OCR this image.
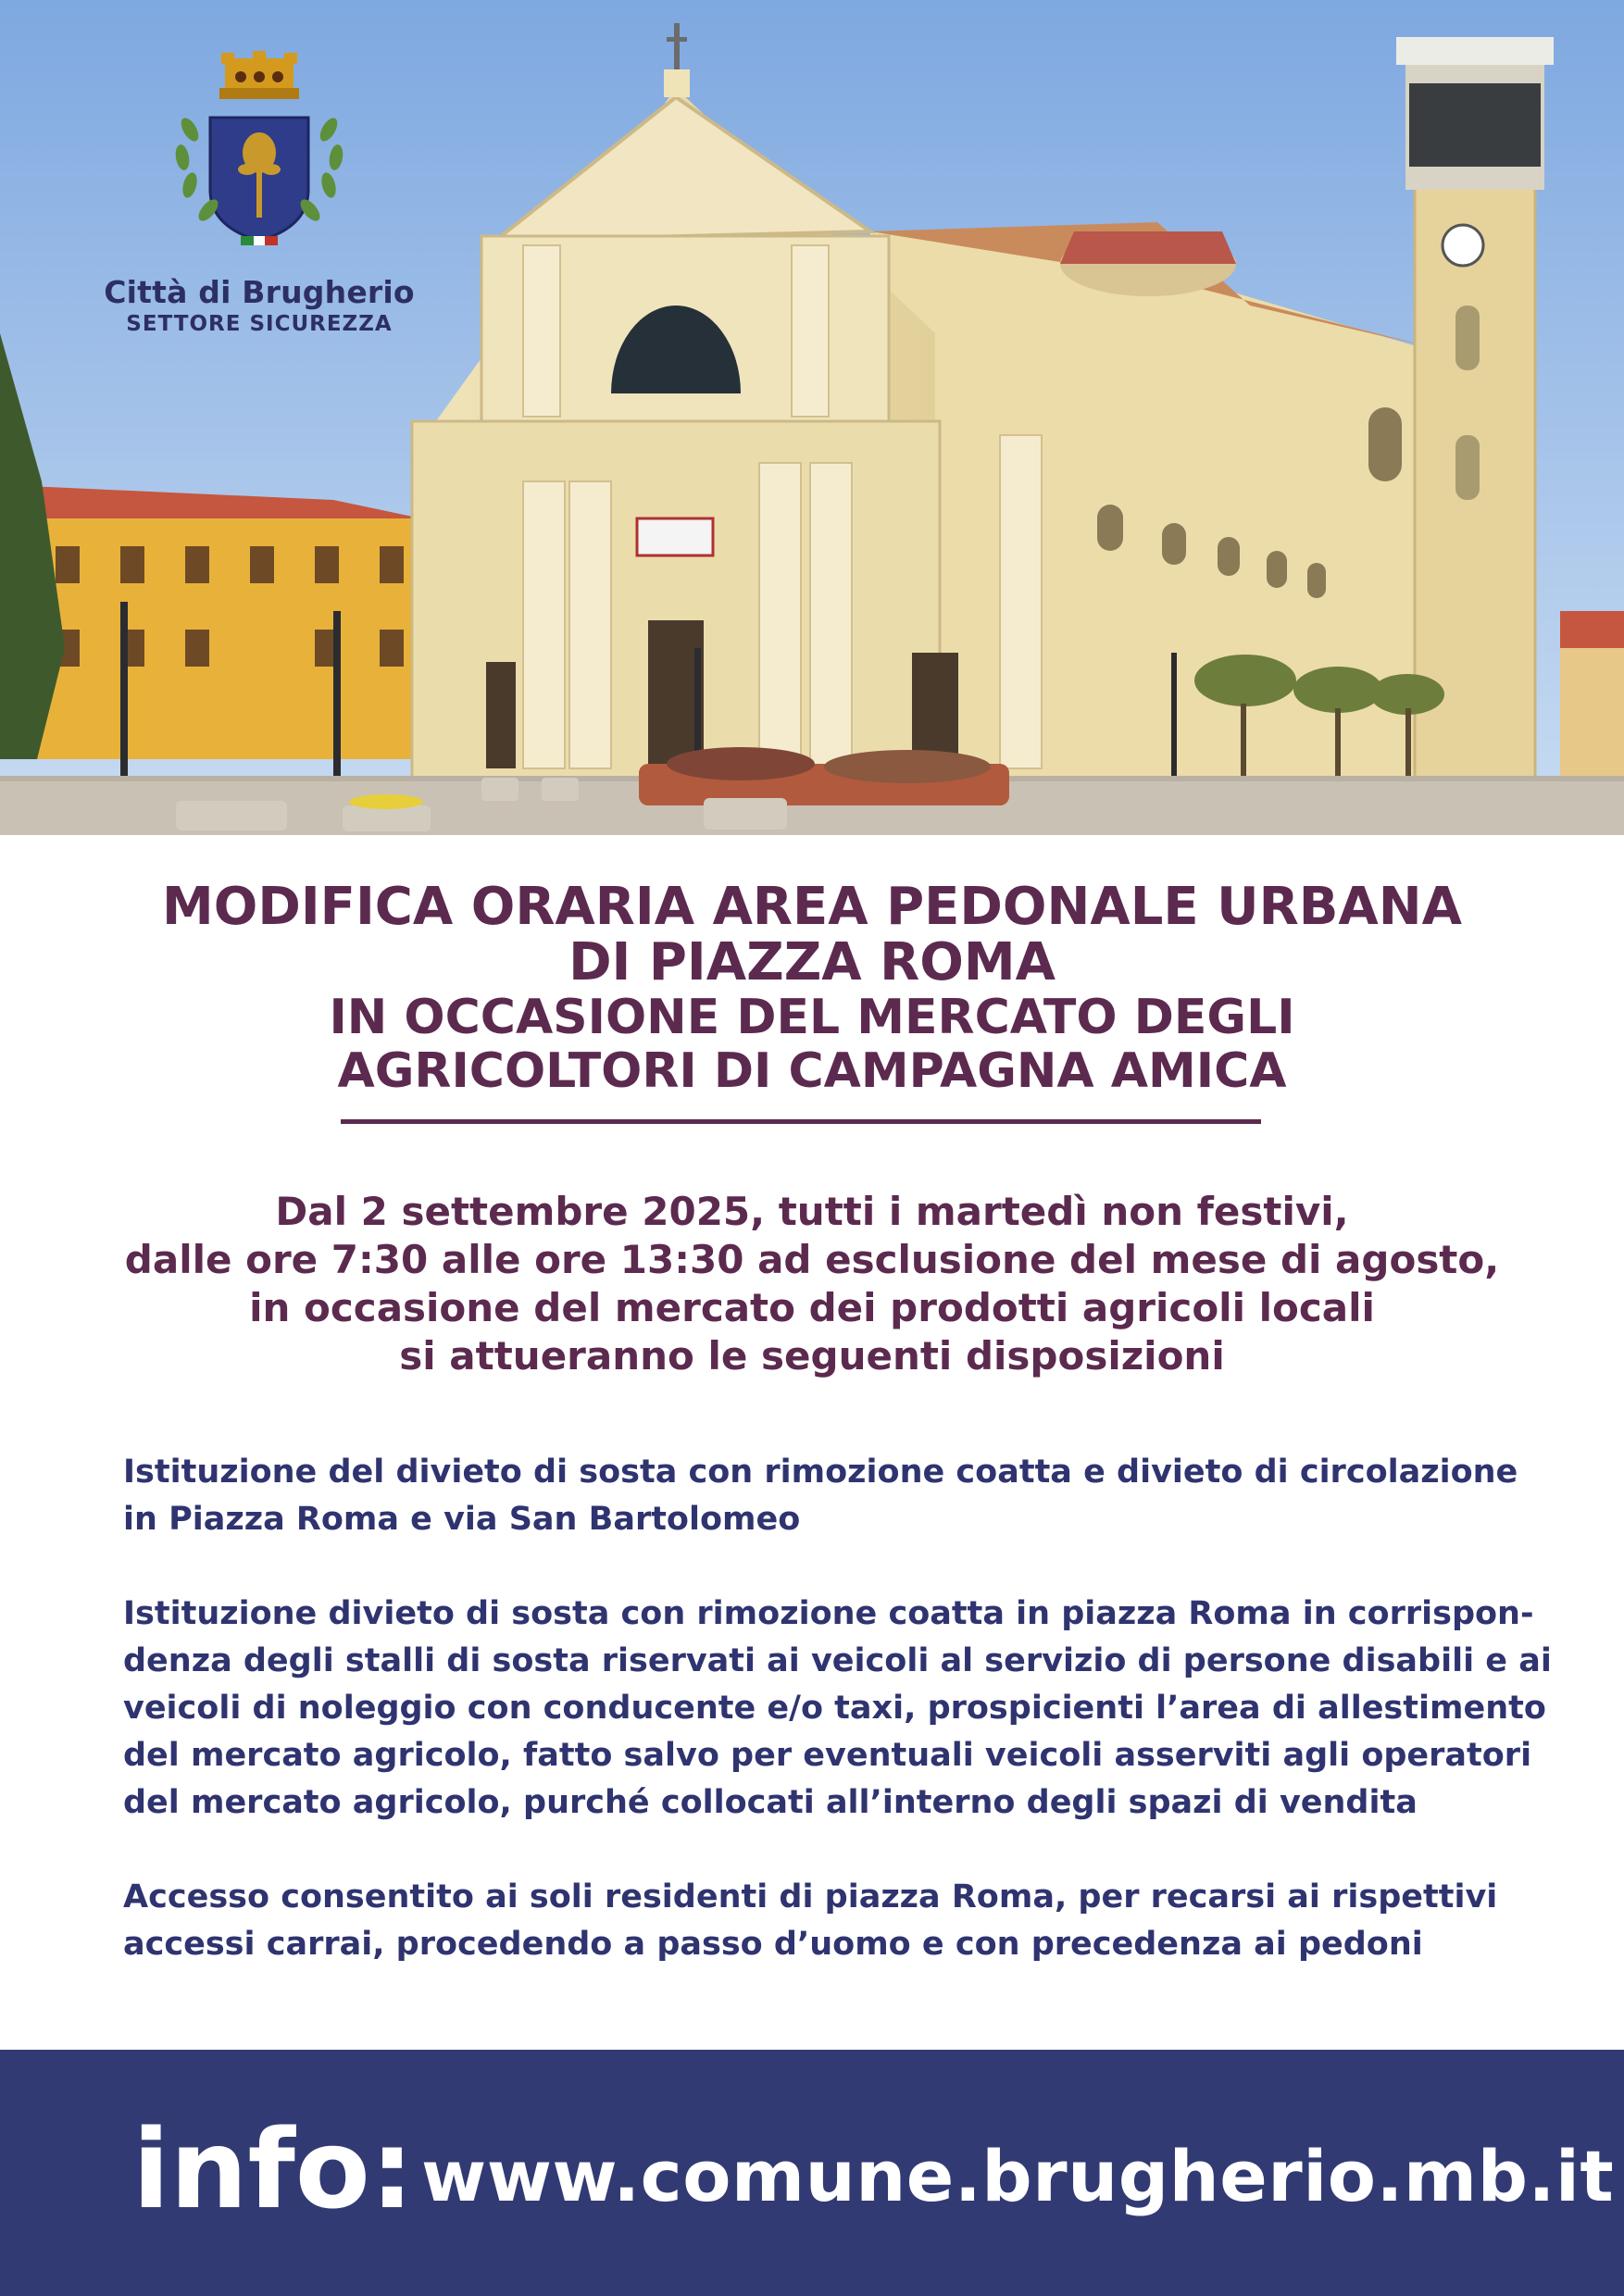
Città di Brugherio
SETTORE SICUREZZA
MODIFICA ORARIA AREA PEDONALE URBANA
DI PIAZZA ROMA
IN OCCASIONE DEL MERCATO DEGLI
AGRICOLTORI DI CAMPAGNA AMICA
Dal 2 settembre 2025, tutti i martedì non festivi,
dalle ore 7:30 alle ore 13:30 ad esclusione del mese di agosto,
in occasione del mercato dei prodotti agricoli locali
si attueranno le seguenti disposizioni
Istituzione del divieto di sosta con rimozione coatta e divieto di circolazione
in Piazza Roma e via San Bartolomeo
Istituzione divieto di sosta con rimozione coatta in piazza Roma in corrispon-
denza degli stalli di sosta riservati ai veicoli al servizio di persone disabili e ai
veicoli di noleggio con conducente e/o taxi, prospicienti l’area di allestimento
del mercato agricolo, fatto salvo per eventuali veicoli asserviti agli operatori
del mercato agricolo, purché collocati all’interno degli spazi di vendita
Accesso consentito ai soli residenti di piazza Roma, per recarsi ai rispettivi
accessi carrai, procedendo a passo d’uomo e con precedenza ai pedoni
info: www.comune.brugherio.mb.it
